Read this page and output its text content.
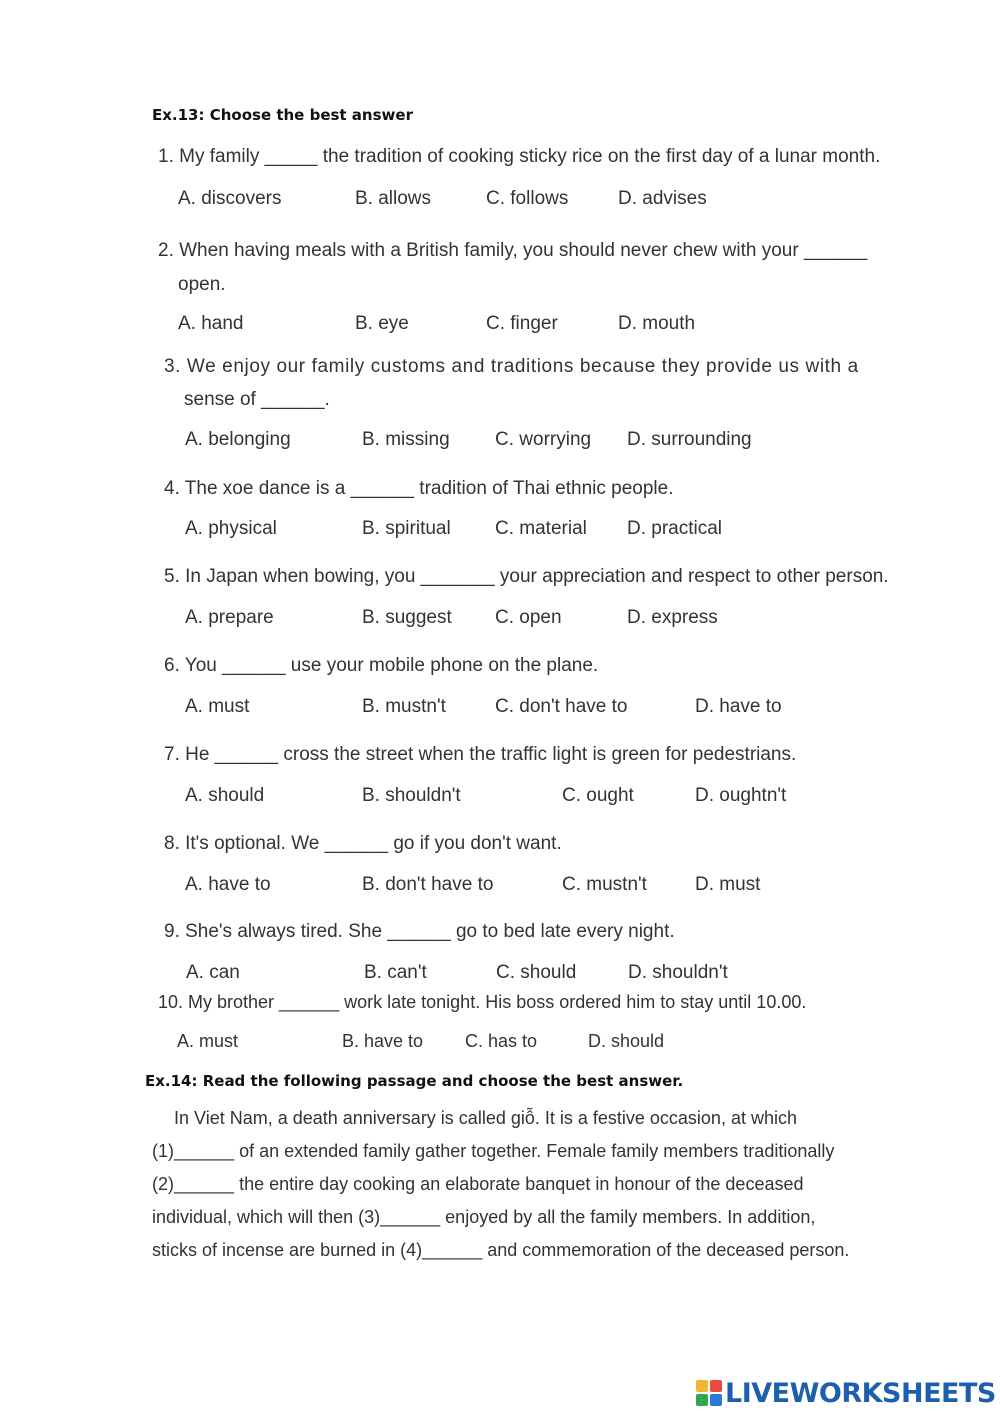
Ex.13: Choose the best answer
1. My family _____ the tradition of cooking sticky rice on the first day of a lunar month.
A. discovers	B. allows	C. follows	D. advises
2. When having meals with a British family, you should never chew with your ______
open.
A. hand	B. eye	C. finger	D. mouth
3. We enjoy our family customs and traditions because they provide us with a
sense of ______.
A. belonging	B. missing C. worrying D. surrounding
4. The xoe dance is a ______ tradition of Thai ethnic people.
A. physical	B. spiritual C. material D. practical
5. In Japan when bowing, you _______ your appreciation and respect to other person.
A. prepare	B. suggest C. open	D. express
6. You ______ use your mobile phone on the plane.
A. must	B. mustn't	C. don't have to	D. have to
7. He ______ cross the street when the traffic light is green for pedestrians.
A. should	B. shouldn't	C. ought	D. oughtn't
8. It's optional. We ______ go if you don't want.
A. have to	B. don't have to	C. mustn't	D. must
9. She's always tired. She ______ go to bed late every night.
A. can	B. can't	C. should	D. shouldn't
10. My brother ______ work late tonight. His boss ordered him to stay until 10.00.
A. must	B. have to C. has to	D. should
Ex.14: Read the following passage and choose the best answer.
In Viet Nam, a death anniversary is called giỗ. It is a festive occasion, at which
(1)______ of an extended family gather together. Female family members traditionally
(2)______ the entire day cooking an elaborate banquet in honour of the deceased
individual, which will then (3)______ enjoyed by all the family members. In addition,
sticks of incense are burned in (4)______ and commemoration of the deceased person.
LIVEWORKSHEETS
